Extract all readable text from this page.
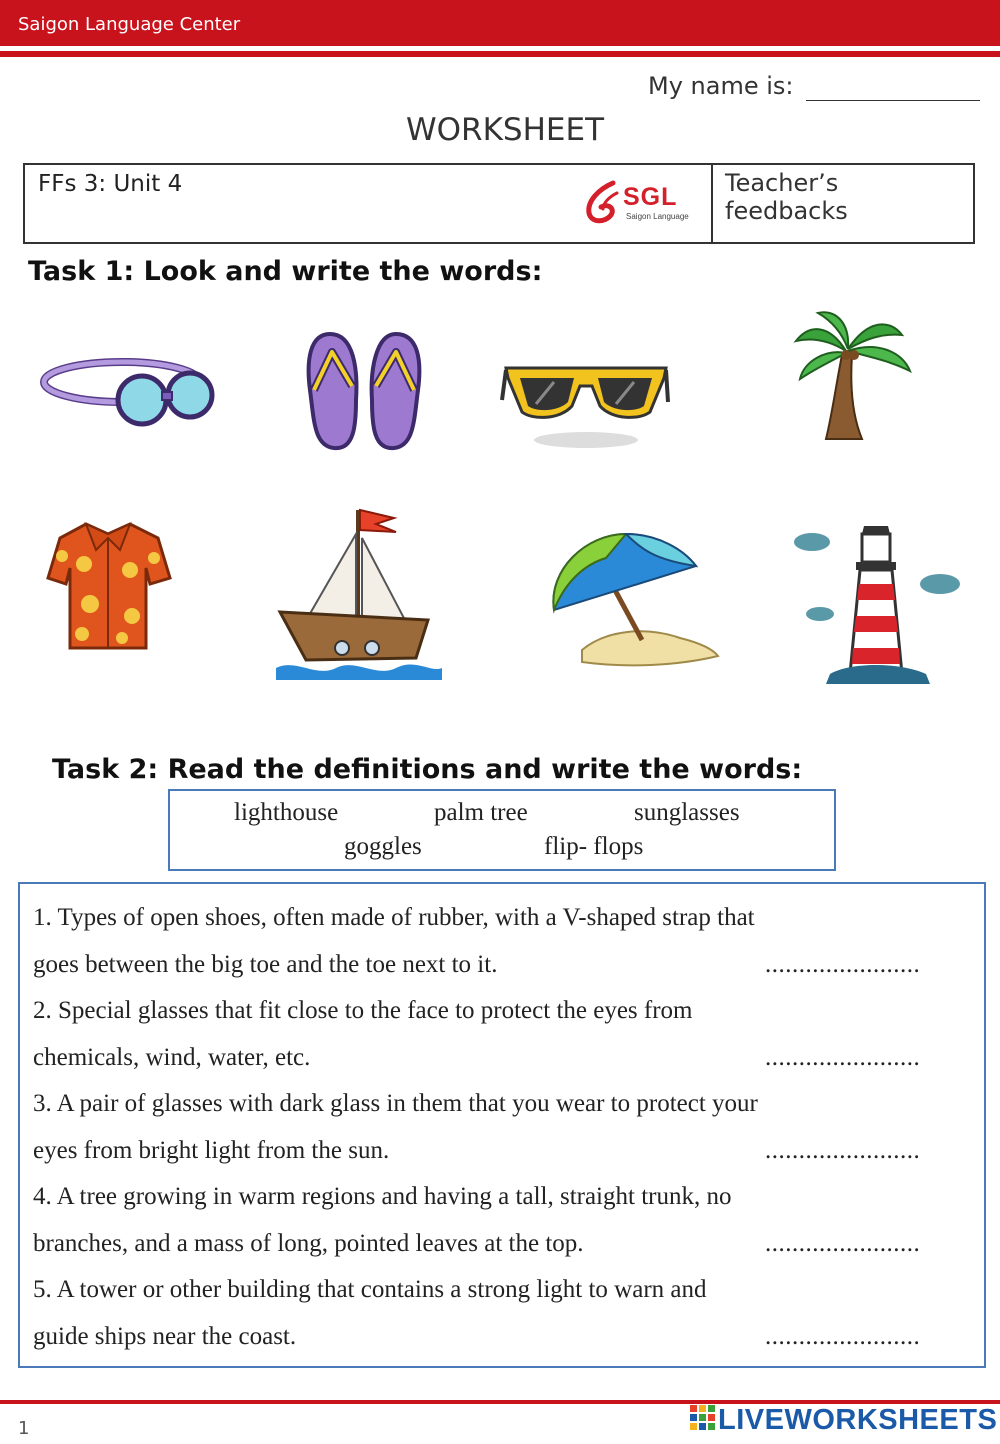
Saigon Language Center
My name is:
WORKSHEET
FFs 3: Unit 4	SGL
Saigon Language
Teacher’s feedbacks
Task 1: Look and write the words:
Task 2: Read the definitions and write the words:
lighthouse	palm tree	sunglasses
goggles	flip- flops
1. Types of open shoes, often made of rubber, with a V-shaped strap that
goes between the big toe and the toe next to it.	.......................
2. Special glasses that fit close to the face to protect the eyes from
chemicals, wind, water, etc.	.......................
3. A pair of glasses with dark glass in them that you wear to protect your
eyes from bright light from the sun.	.......................
4. A tree growing in warm regions and having a tall, straight trunk, no
branches, and a mass of long, pointed leaves at the top.	.......................
5. A tower or other building that contains a strong light to warn and
guide ships near the coast.	.......................
1	LIVEWORKSHEETS
